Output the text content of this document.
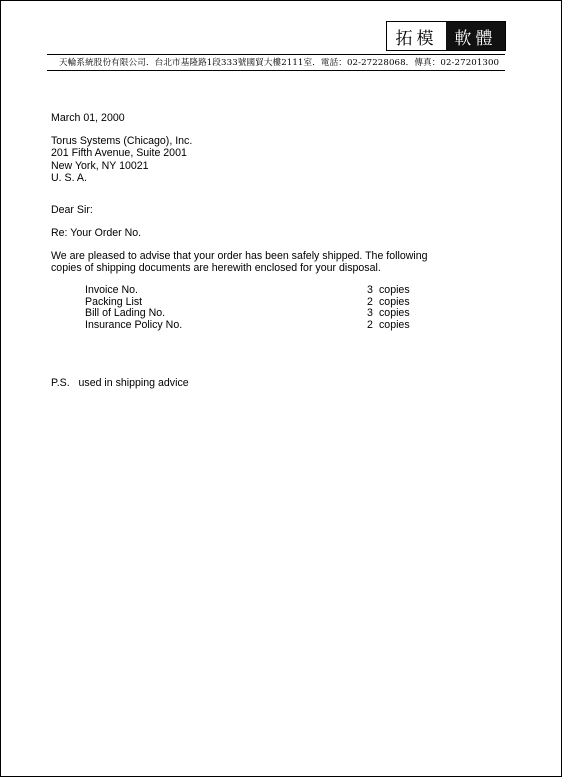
拓模	軟體
天輪系統股份有限公司．台北市基隆路1段333號國貿大樓2111室．電話：02-27228068．傳真：02-27201300
March 01, 2000
Torus Systems (Chicago), Inc.
201 Fifth Avenue, Suite 2001
New York, NY 10021
U. S. A.
Dear Sir:
Re: Your Order No.
We are pleased to advise that your order has been safely shipped. The following
copies of shipping documents are herewith enclosed for your disposal.
Invoice No.	3 copies
Packing List	2 copies
Bill of Lading No.	3 copies
Insurance Policy No.	2 copies
P.S. used in shipping advice
